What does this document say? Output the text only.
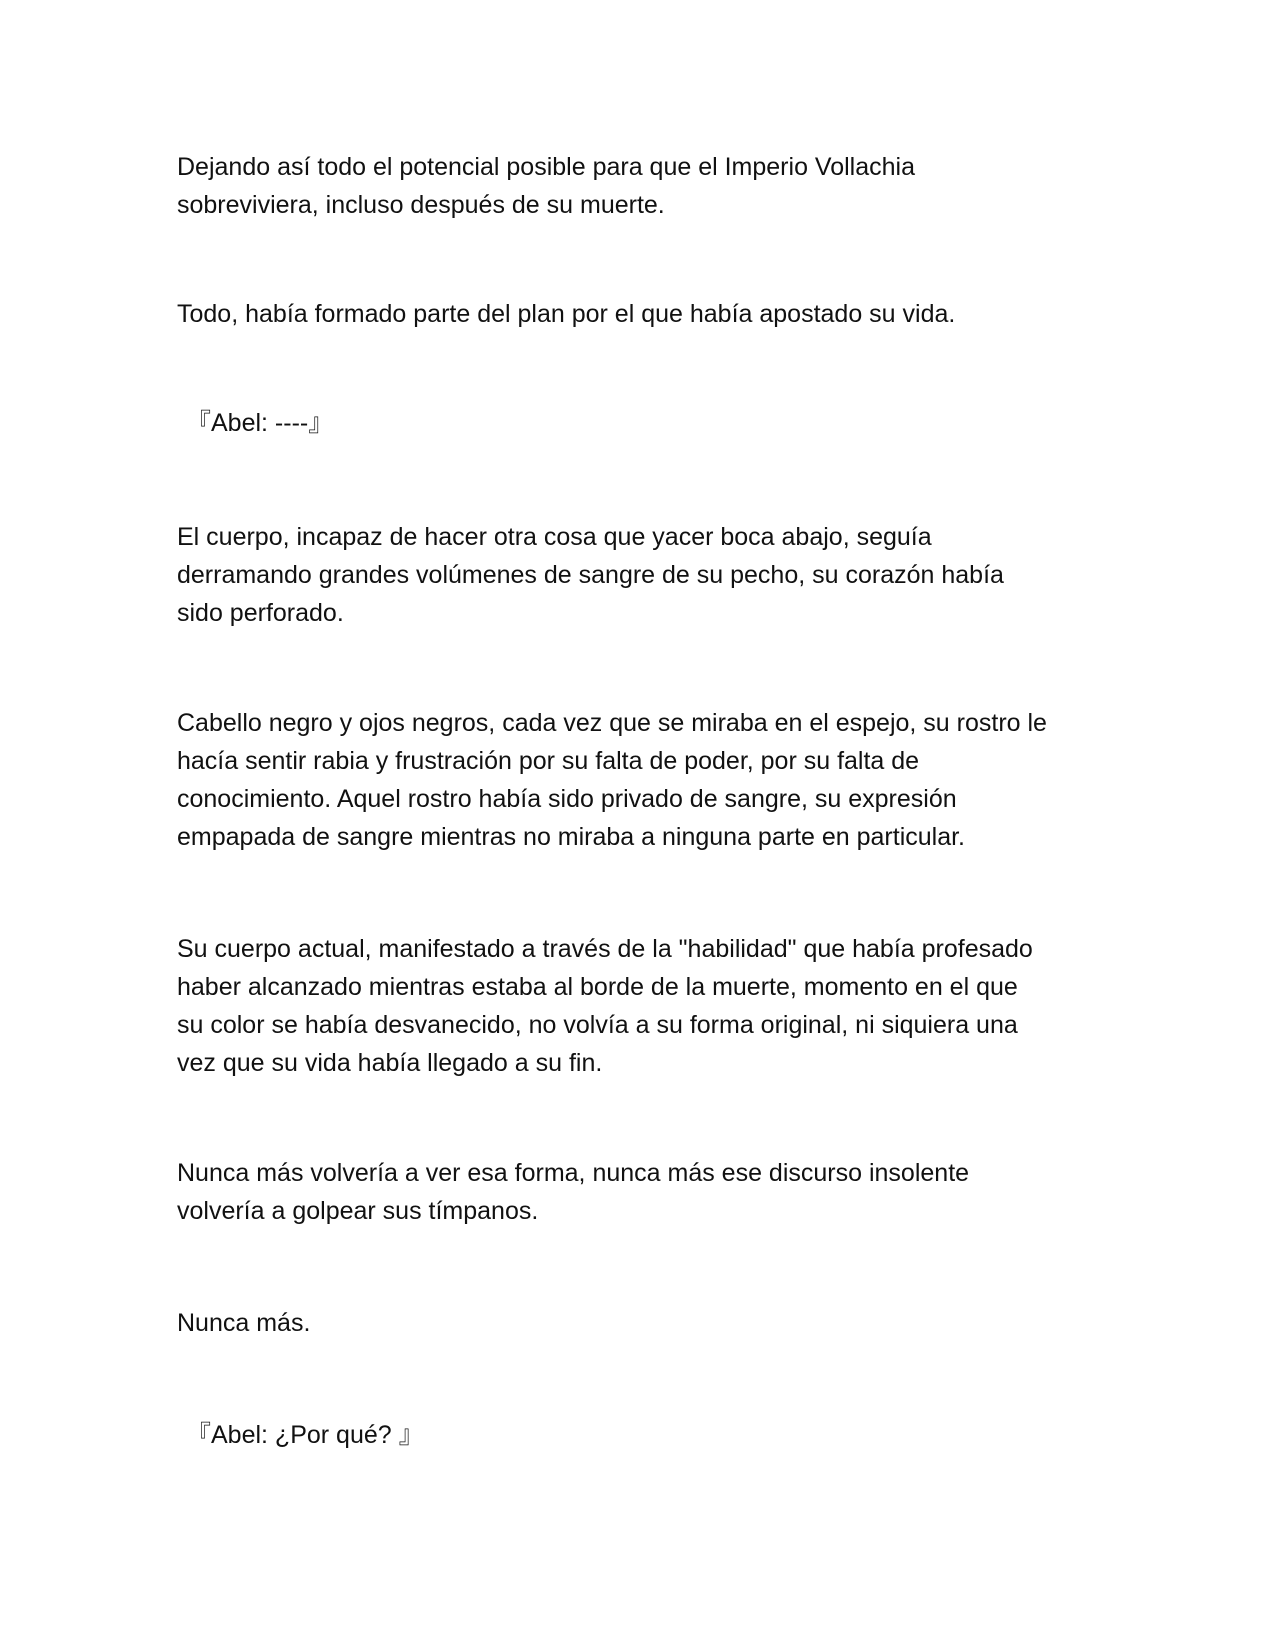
Dejando así todo el potencial posible para que el Imperio Vollachia
sobreviviera, incluso después de su muerte.

Todo, había formado parte del plan por el que había apostado su vida.

『Abel: ----』

El cuerpo, incapaz de hacer otra cosa que yacer boca abajo, seguía
derramando grandes volúmenes de sangre de su pecho, su corazón había
sido perforado.

Cabello negro y ojos negros, cada vez que se miraba en el espejo, su rostro le
hacía sentir rabia y frustración por su falta de poder, por su falta de
conocimiento. Aquel rostro había sido privado de sangre, su expresión
empapada de sangre mientras no miraba a ninguna parte en particular.

Su cuerpo actual, manifestado a través de la "habilidad" que había profesado
haber alcanzado mientras estaba al borde de la muerte, momento en el que
su color se había desvanecido, no volvía a su forma original, ni siquiera una
vez que su vida había llegado a su fin.

Nunca más volvería a ver esa forma, nunca más ese discurso insolente
volvería a golpear sus tímpanos.

Nunca más.

『Abel: ¿Por qué? 』
